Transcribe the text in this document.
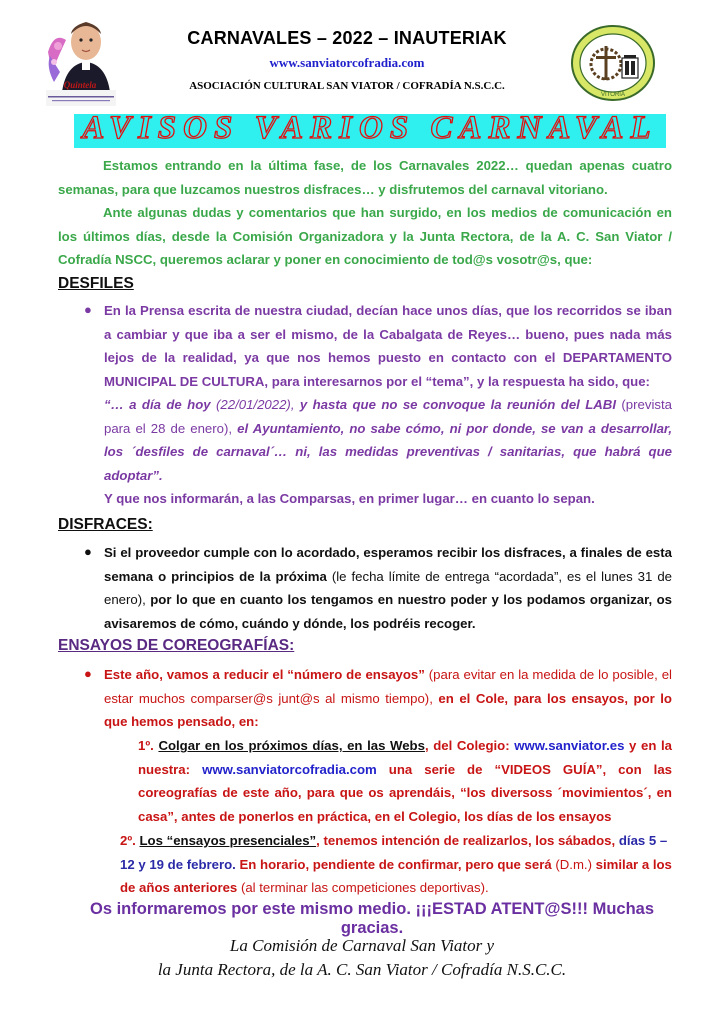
Quintela
CARNAVALES – 2022 – INAUTERIAK
www.sanviatorcofradia.com
ASOCIACIÓN CULTURAL SAN VIATOR / COFRADÍA N.S.C.C.
VITORIA
AVISOS VARIOS CARNAVAL
Estamos entrando en la última fase, de los Carnavales 2022… quedan apenas cuatro semanas, para que luzcamos nuestros disfraces… y disfrutemos del carnaval vitoriano.
Ante algunas dudas y comentarios que han surgido, en los medios de comunicación en los últimos días, desde la Comisión Organizadora y la Junta Rectora, de la A. C. San Viator / Cofradía NSCC, queremos aclarar y poner en conocimiento de tod@s vosotr@s, que:
DESFILES
● En la Prensa escrita de nuestra ciudad, decían hace unos días, que los recorridos se iban a cambiar y que iba a ser el mismo, de la Cabalgata de Reyes… bueno, pues nada más lejos de la realidad, ya que nos hemos puesto en contacto con el DEPARTAMENTO MUNICIPAL DE CULTURA, para interesarnos por el “tema”, y la respuesta ha sido, que:
“… a día de hoy (22/01/2022), y hasta que no se convoque la reunión del LABI (prevista para el 28 de enero), el Ayuntamiento, no sabe cómo, ni por donde, se van a desarrollar, los ´desfiles de carnaval´… ni, las medidas preventivas / sanitarias, que habrá que adoptar”.
Y que nos informarán, a las Comparsas, en primer lugar… en cuanto lo sepan.
DISFRACES:
● Si el proveedor cumple con lo acordado, esperamos recibir los disfraces, a finales de esta semana o principios de la próxima (le fecha límite de entrega “acordada”, es el lunes 31 de enero), por lo que en cuanto los tengamos en nuestro poder y los podamos organizar, os avisaremos de cómo, cuándo y dónde, los podréis recoger.
ENSAYOS DE COREOGRAFÍAS:
● Este año, vamos a reducir el “número de ensayos” (para evitar en la medida de lo posible, el estar muchos comparser@s junt@s al mismo tiempo), en el Cole, para los ensayos, por lo que hemos pensado, en:
1º. Colgar en los próximos días, en las Webs, del Colegio: www.sanviator.es y en la nuestra: www.sanviatorcofradia.com una serie de “VIDEOS GUÍA”, con las coreografías de este año, para que os aprendáis, “los diversoss ´movimientos´, en casa”, antes de ponerlos en práctica, en el Colegio, los días de los ensayos
2º. Los “ensayos presenciales”, tenemos intención de realizarlos, los sábados, días 5 – 12 y 19 de febrero. En horario, pendiente de confirmar, pero que será (D.m.) similar a los de años anteriores (al terminar las competiciones deportivas).
Os informaremos por este mismo medio. ¡¡¡ESTAD ATENT@S!!! Muchas gracias.
La Comisión de Carnaval San Viator y
la Junta Rectora, de la A. C. San Viator / Cofradía N.S.C.C.
